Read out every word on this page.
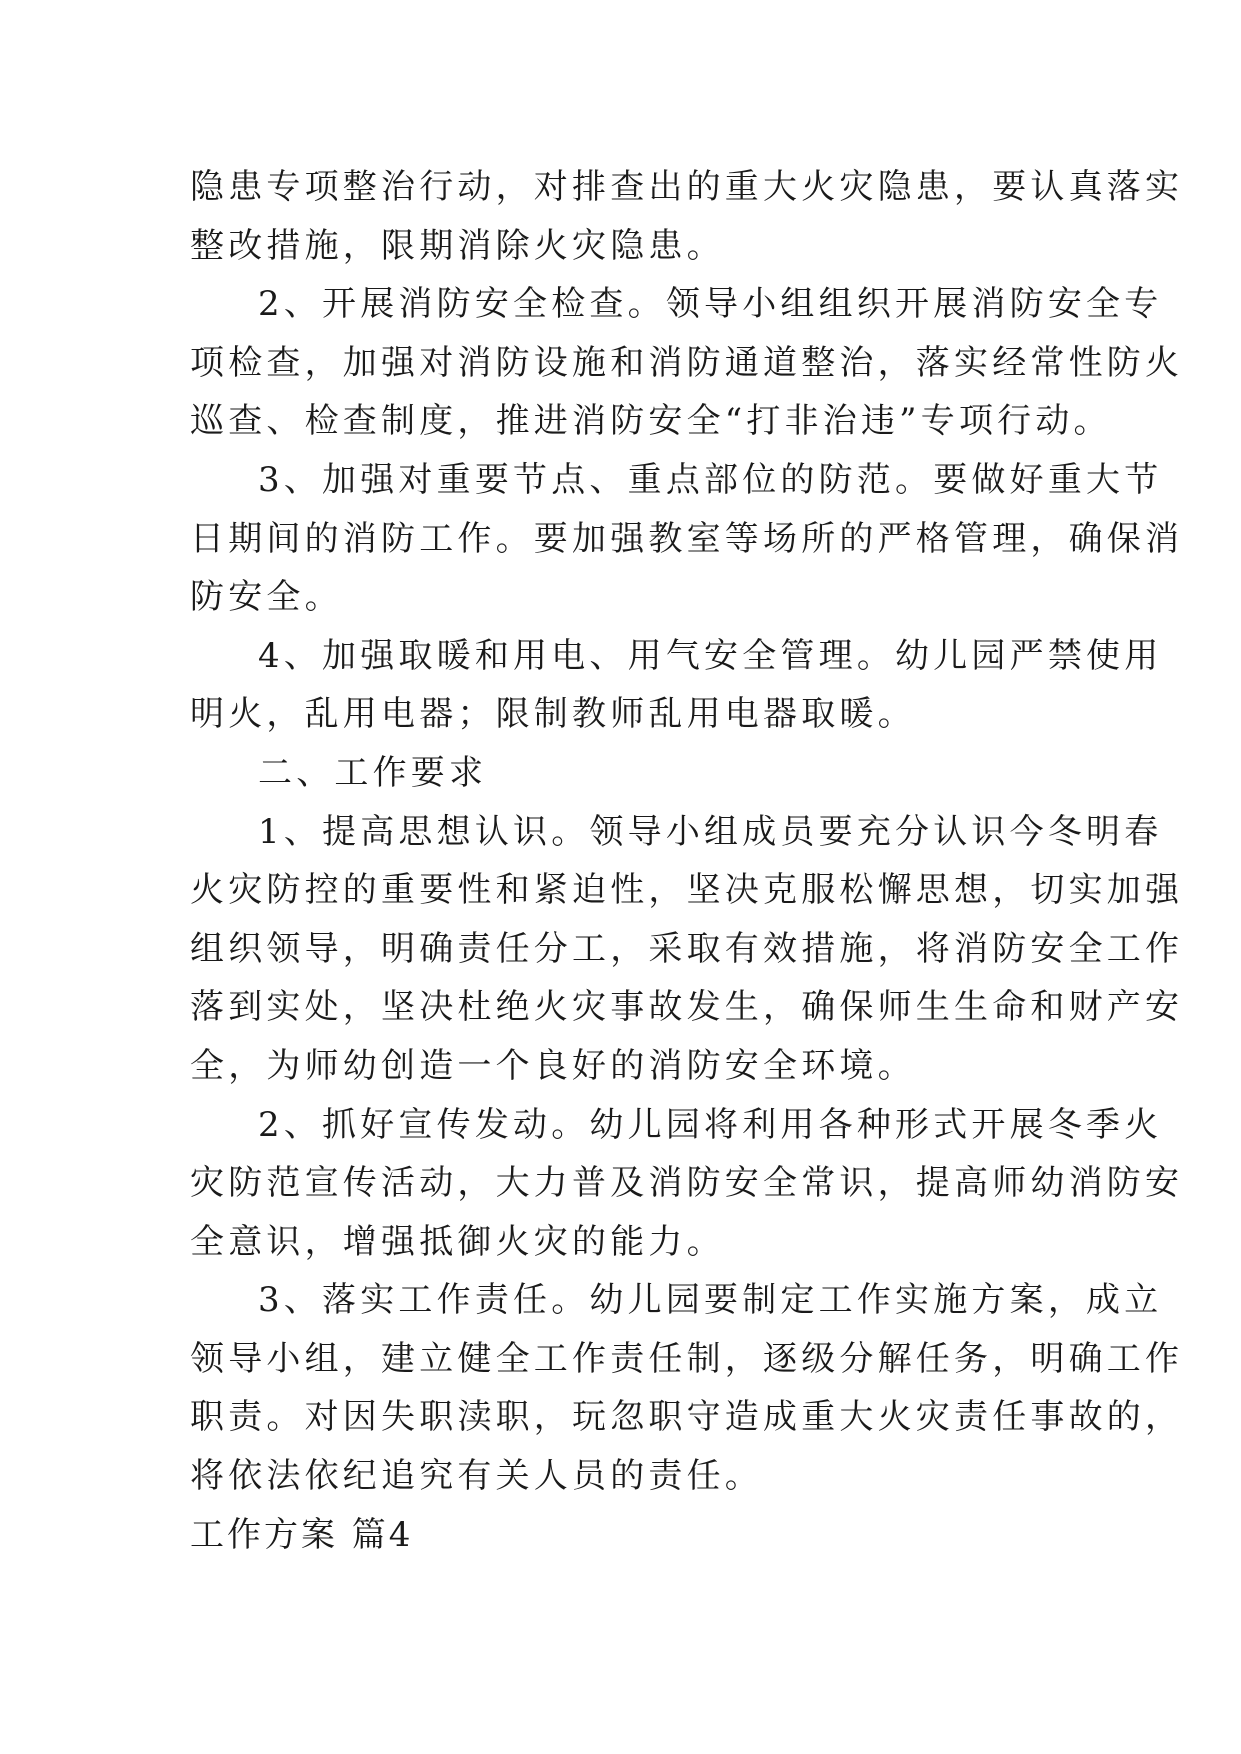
隐患专项整治行动，对排查出的重大火灾隐患，要认真落实
整改措施，限期消除火灾隐患。
2、开展消防安全检查。领导小组组织开展消防安全专
项检查，加强对消防设施和消防通道整治，落实经常性防火
巡查、检查制度，推进消防安全“打非治违”专项行动。
3、加强对重要节点、重点部位的防范。要做好重大节
日期间的消防工作。要加强教室等场所的严格管理，确保消
防安全。
4、加强取暖和用电、用气安全管理。幼儿园严禁使用
明火，乱用电器；限制教师乱用电器取暖。
二、工作要求
1、提高思想认识。领导小组成员要充分认识今冬明春
火灾防控的重要性和紧迫性，坚决克服松懈思想，切实加强
组织领导，明确责任分工，采取有效措施，将消防安全工作
落到实处，坚决杜绝火灾事故发生，确保师生生命和财产安
全，为师幼创造一个良好的消防安全环境。
2、抓好宣传发动。幼儿园将利用各种形式开展冬季火
灾防范宣传活动，大力普及消防安全常识，提高师幼消防安
全意识，增强抵御火灾的能力。
3、落实工作责任。幼儿园要制定工作实施方案，成立
领导小组，建立健全工作责任制，逐级分解任务，明确工作
职责。对因失职渎职，玩忽职守造成重大火灾责任事故的，
将依法依纪追究有关人员的责任。
工作方案 篇4
